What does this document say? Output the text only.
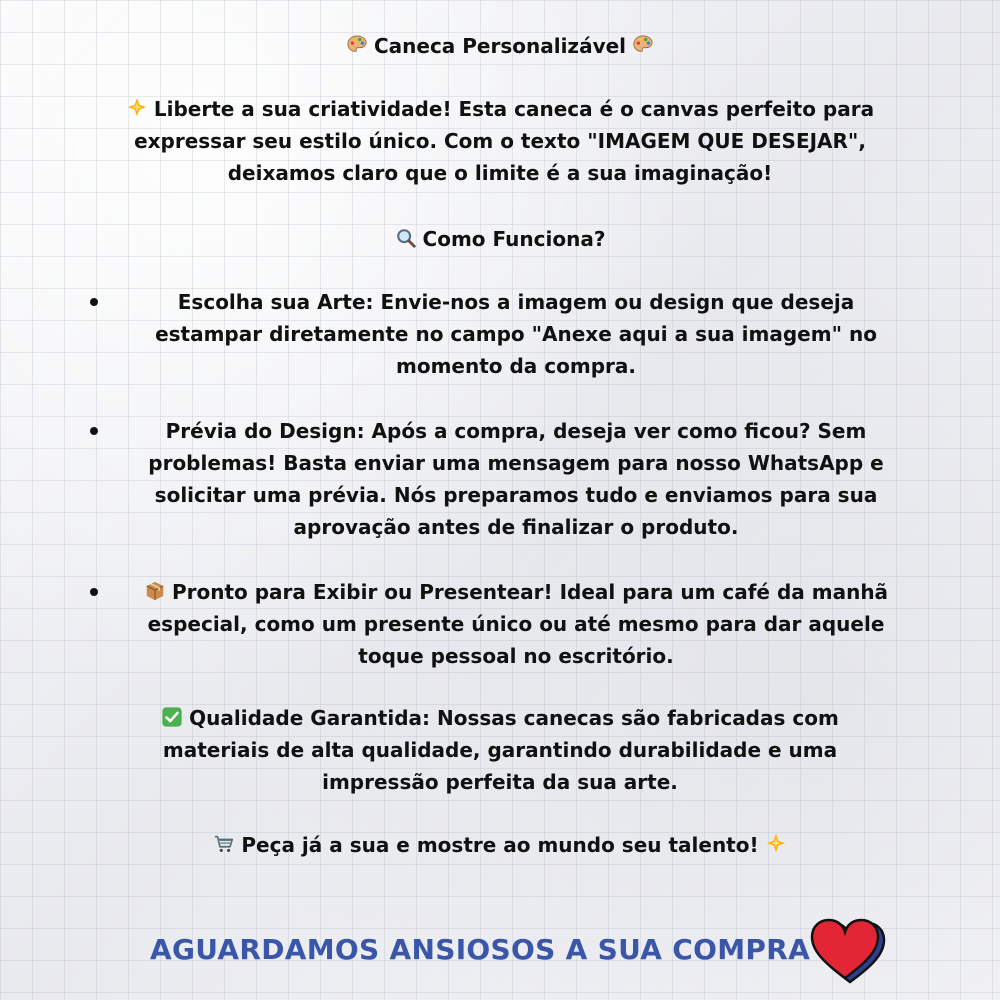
Caneca Personalizável
Liberte a sua criatividade! Esta caneca é o canvas perfeito para
expressar seu estilo único. Com o texto "IMAGEM QUE DESEJAR",
deixamos claro que o limite é a sua imaginação!
Como Funciona?
Escolha sua Arte: Envie-nos a imagem ou design que deseja
estampar diretamente no campo "Anexe aqui a sua imagem" no
momento da compra.
Prévia do Design: Após a compra, deseja ver como ficou? Sem
problemas! Basta enviar uma mensagem para nosso WhatsApp e
solicitar uma prévia. Nós preparamos tudo e enviamos para sua
aprovação antes de finalizar o produto.
Pronto para Exibir ou Presentear! Ideal para um café da manhã
especial, como um presente único ou até mesmo para dar aquele
toque pessoal no escritório.
Qualidade Garantida: Nossas canecas são fabricadas com
materiais de alta qualidade, garantindo durabilidade e uma
impressão perfeita da sua arte.
Peça já a sua e mostre ao mundo seu talento!
AGUARDAMOS ANSIOSOS A SUA COMPRA
